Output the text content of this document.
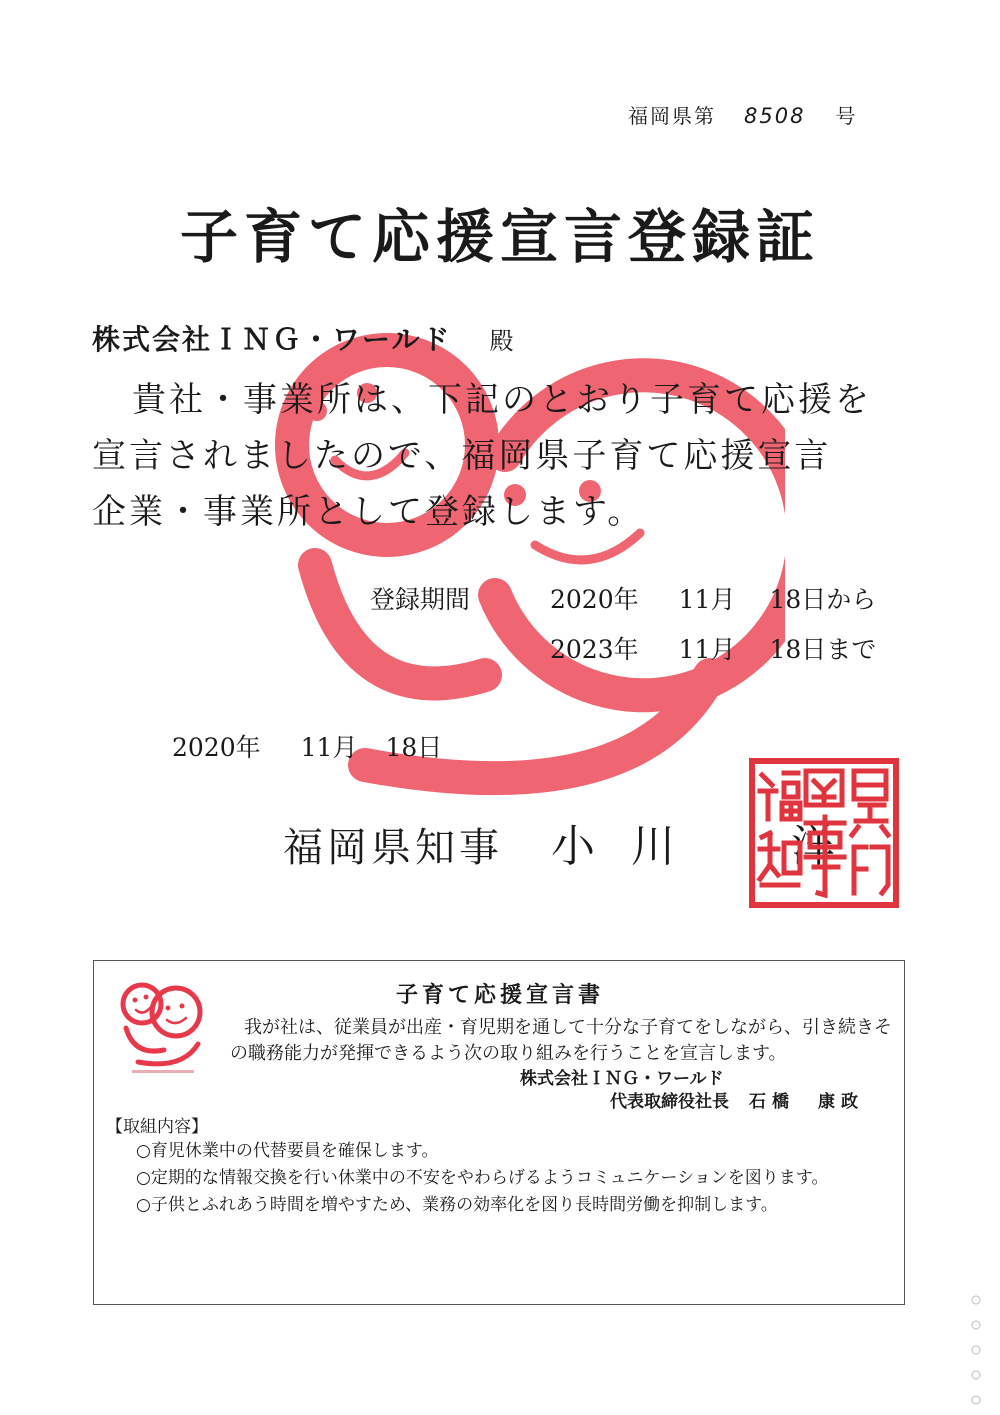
福岡県第 8508 号
子育て応援宣言登録証
株式会社ＩＮＧ・ワールド 殿
貴社・事業所は、下記のとおり子育て応援を
宣言されましたので、福岡県子育て応援宣言
企業・事業所として登録します。
登録期間	2020年 11月 18日から
2023年 11月 18日まで
2020年 11月 18日
福岡県知事 小川　洋
子育て応援宣言書
我が社は、従業員が出産・育児期を通して十分な子育てをしながら、引き続きそ
の職務能力が発揮できるよう次の取り組みを行うことを宣言します。
株式会社ＩＮＧ・ワールド
代表取締役社長 石橋　康政
【取組内容】
○育児休業中の代替要員を確保します。
○定期的な情報交換を行い休業中の不安をやわらげるようコミュニケーションを図ります。
○子供とふれあう時間を増やすため、業務の効率化を図り長時間労働を抑制します。
